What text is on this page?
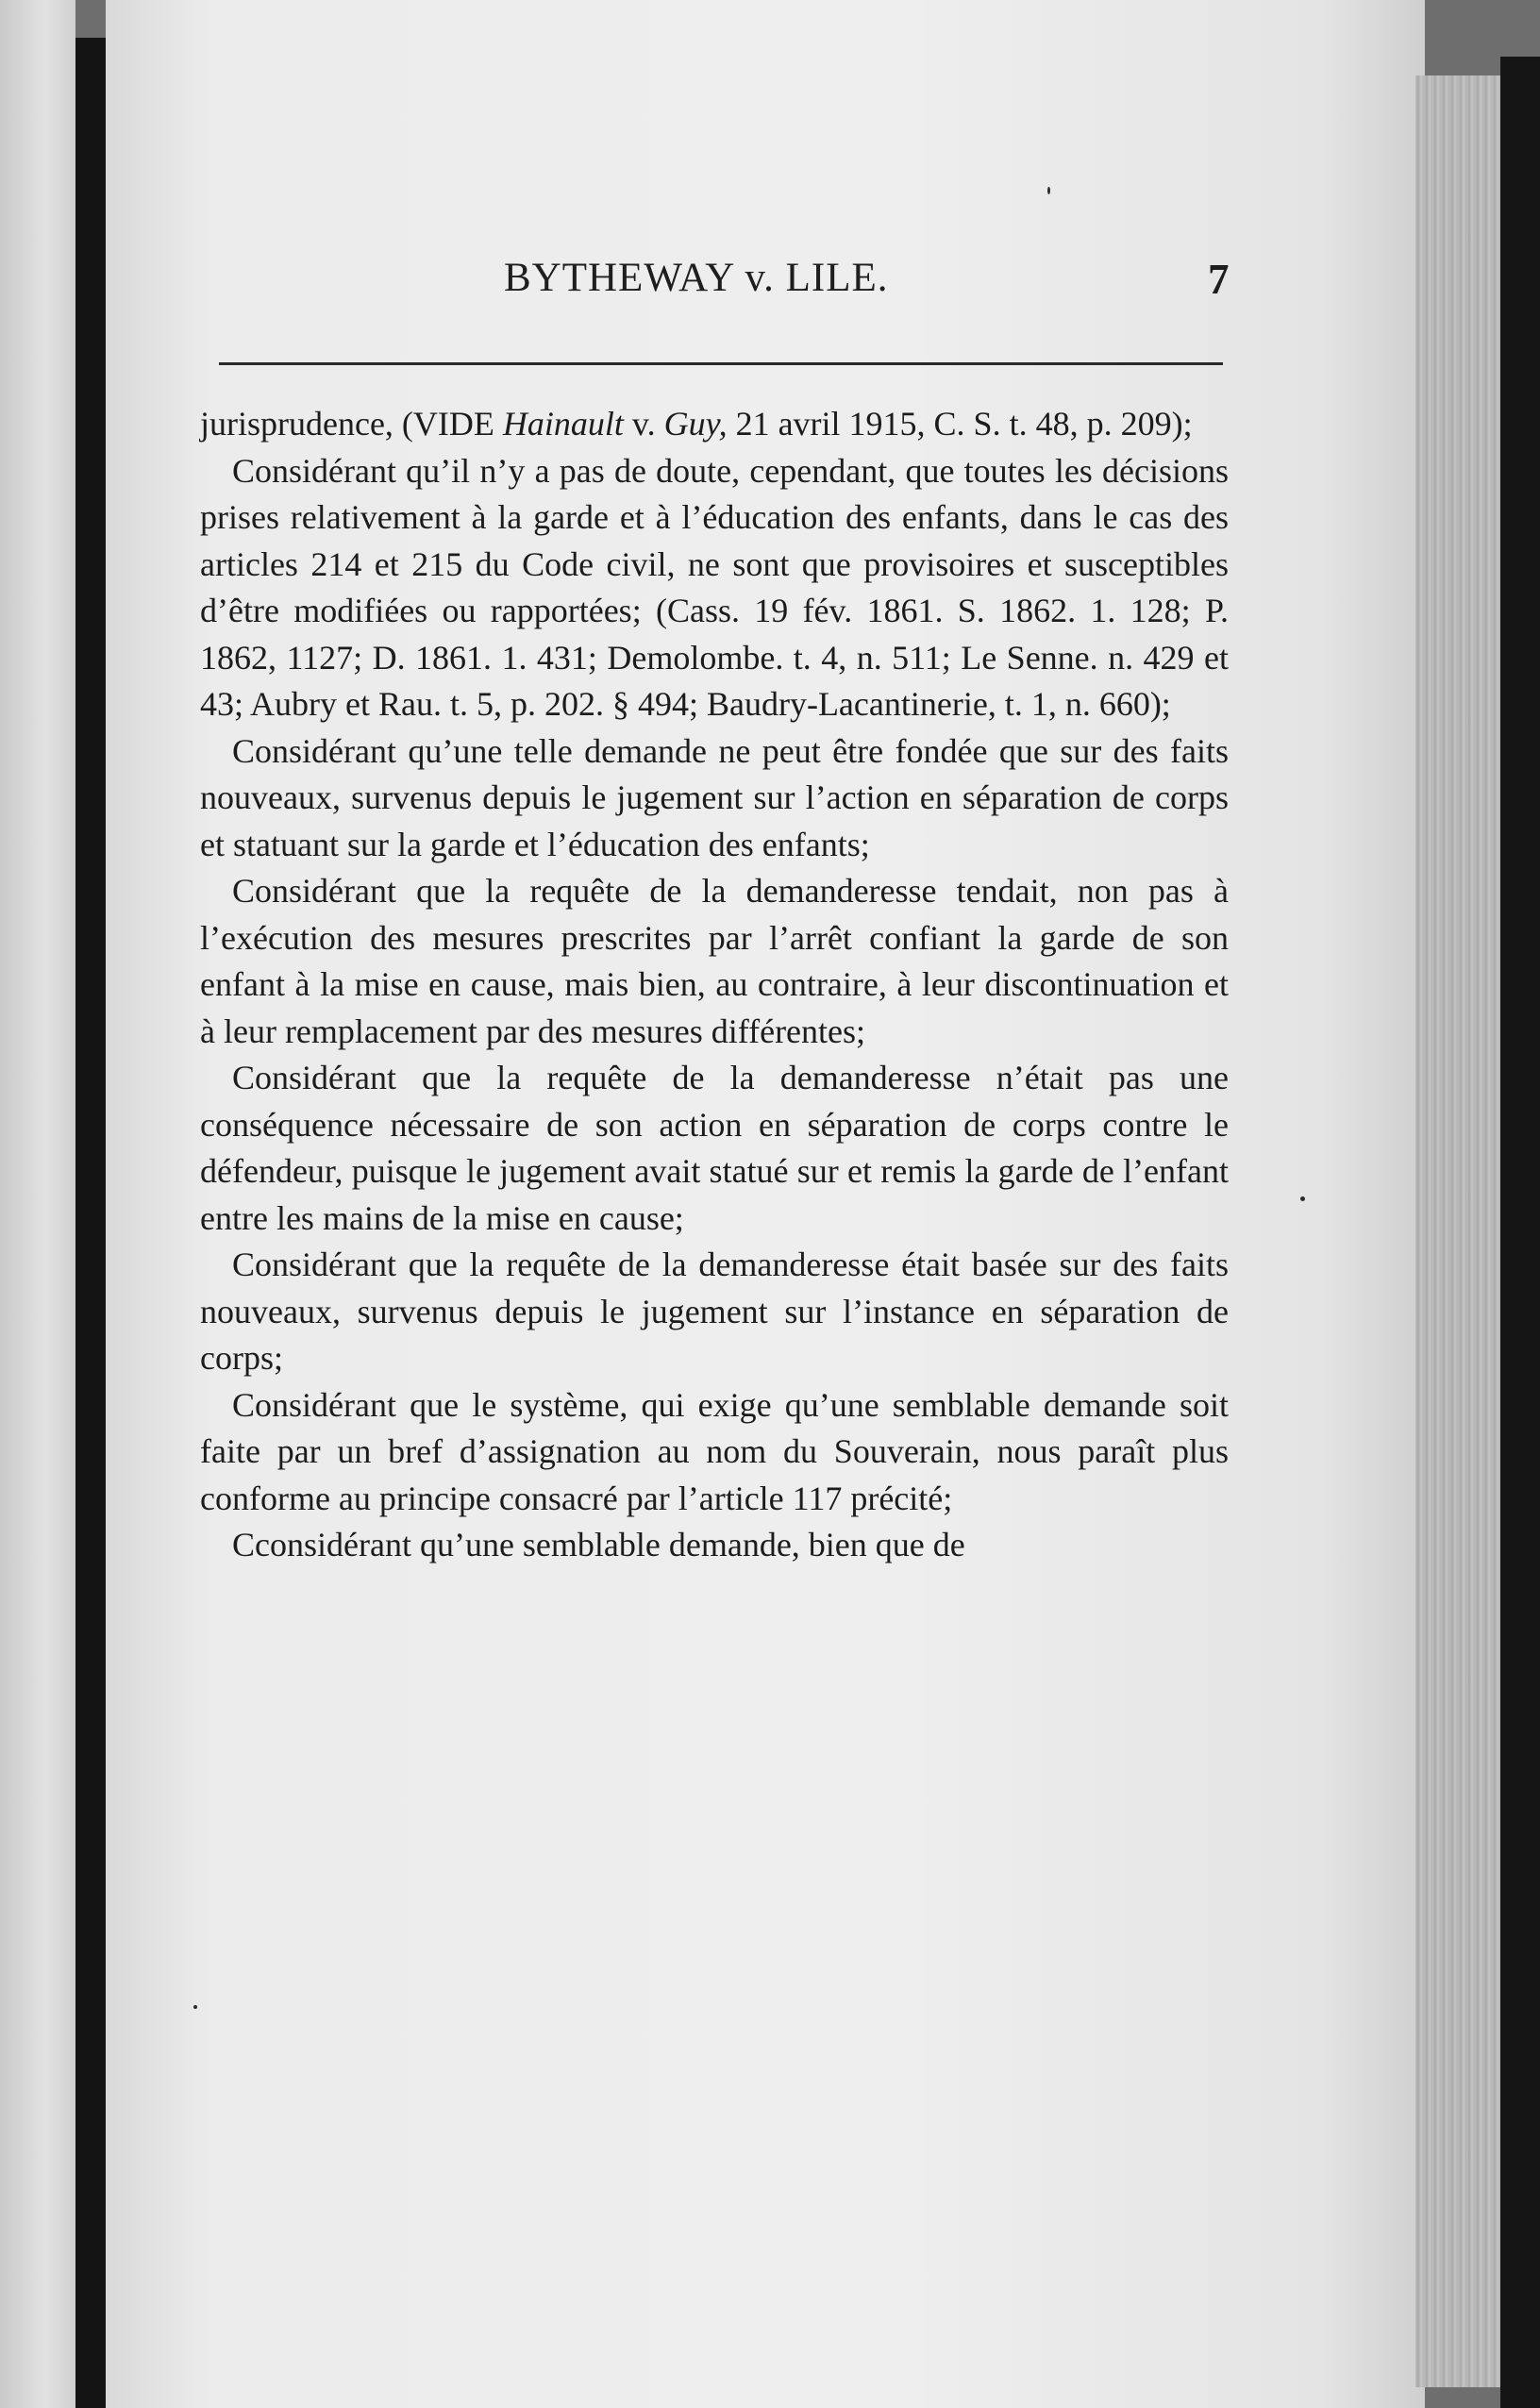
BYTHEWAY v. LILE.	7

jurisprudence, (VIDE Hainault v. Guy, 21 avril 1915, C. S. t. 48, p. 209);

Considérant qu’il n’y a pas de doute, cependant, que toutes les décisions prises relativement à la garde et à l’éducation des enfants, dans le cas des articles 214 et 215 du Code civil, ne sont que provisoires et susceptibles d’être modifiées ou rapportées; (Cass. 19 fév. 1861. S. 1862. 1. 128; P. 1862, 1127; D. 1861. 1. 431; Demolombe. t. 4, n. 511; Le Senne. n. 429 et 43; Aubry et Rau. t. 5, p. 202. § 494; Baudry-Lacantinerie, t. 1, n. 660);

Considérant qu’une telle demande ne peut être fondée que sur des faits nouveaux, survenus depuis le jugement sur l’action en séparation de corps et statuant sur la garde et l’éducation des enfants;

Considérant que la requête de la demanderesse tendait, non pas à l’exécution des mesures prescrites par l’arrêt confiant la garde de son enfant à la mise en cause, mais bien, au contraire, à leur discontinuation et à leur remplacement par des mesures différentes;

Considérant que la requête de la demanderesse n’était pas une conséquence nécessaire de son action en séparation de corps contre le défendeur, puisque le jugement avait statué sur et remis la garde de l’enfant entre les mains de la mise en cause;

Considérant que la requête de la demanderesse était basée sur des faits nouveaux, survenus depuis le jugement sur l’instance en séparation de corps;

Considérant que le système, qui exige qu’une semblable demande soit faite par un bref d’assignation au nom du Souverain, nous paraît plus conforme au principe consacré par l’article 117 précité;

Cconsidérant qu’une semblable demande, bien que de
